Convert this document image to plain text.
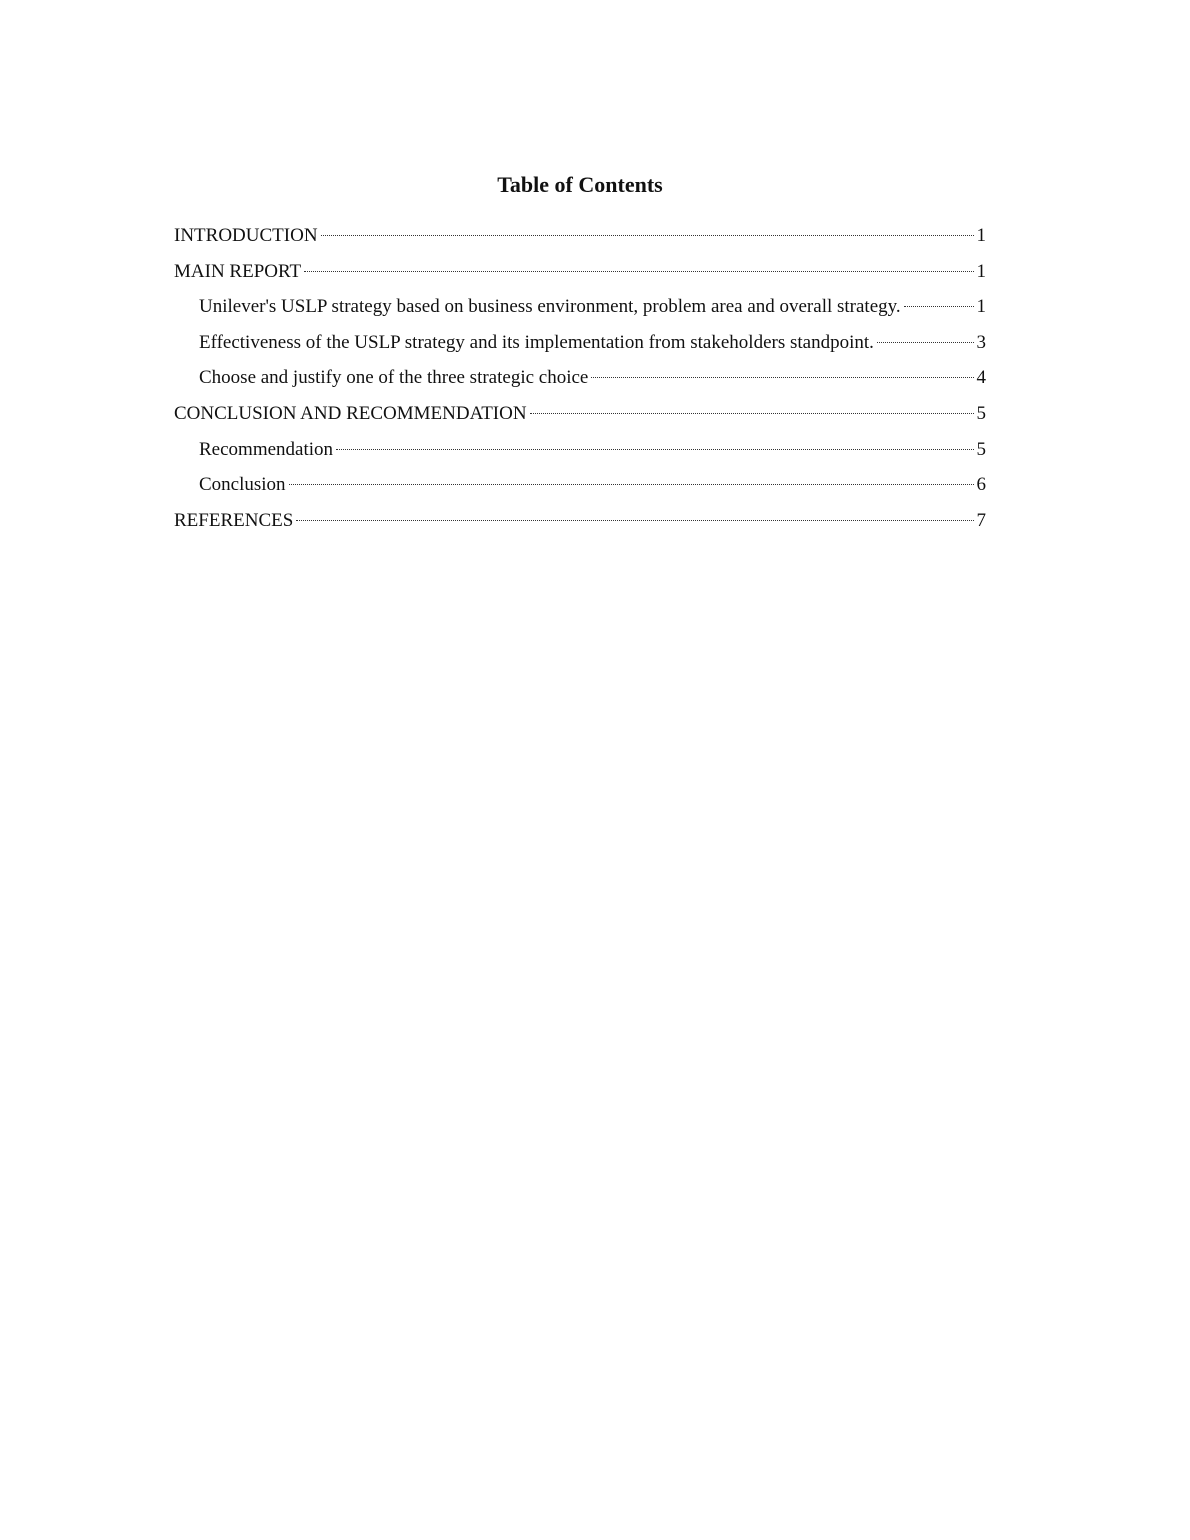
Table of Contents
INTRODUCTION	1
MAIN REPORT	1
Unilever's USLP strategy based on business environment, problem area and overall strategy.	1
Effectiveness of the USLP strategy and its implementation from stakeholders standpoint.	3
Choose and justify one of the three strategic choice	4
CONCLUSION AND RECOMMENDATION	5
Recommendation	5
Conclusion	6
REFERENCES	7
